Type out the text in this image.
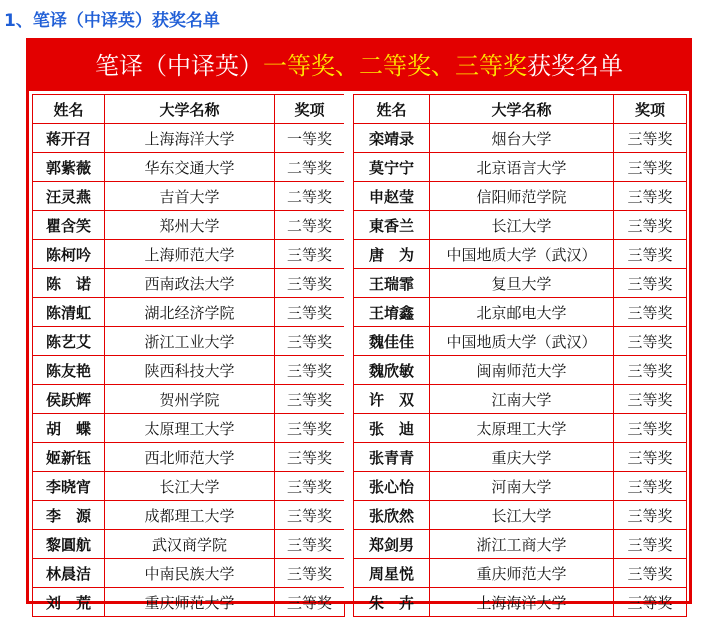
1、笔译（中译英）获奖名单
笔译（中译英）一等奖、二等奖、三等奖获奖名单
姓名	大学名称	奖项
蒋开召	上海海洋大学	一等奖
郭紫薇	华东交通大学	二等奖
汪灵燕	吉首大学	二等奖
瞿含笑	郑州大学	二等奖
陈柯吟	上海师范大学	三等奖
陈　诺	西南政法大学	三等奖
陈清虹	湖北经济学院	三等奖
陈艺艾	浙江工业大学	三等奖
陈友艳	陕西科技大学	三等奖
侯跃辉	贺州学院	三等奖
胡　蝶	太原理工大学	三等奖
姬新钰	西北师范大学	三等奖
李晓宵	长江大学	三等奖
李　源	成都理工大学	三等奖
黎圓航	武汉商学院	三等奖
林晨洁	中南民族大学	三等奖
刘　荒	重庆师范大学	三等奖
姓名	大学名称	奖项
栾靖录	烟台大学	三等奖
莫宁宁	北京语言大学	三等奖
申赵莹	信阳师范学院	三等奖
東香兰	长江大学	三等奖
唐　为	中国地质大学（武汉）	三等奖
王瑞霏	复旦大学	三等奖
王堉鑫	北京邮电大学	三等奖
魏佳佳	中国地质大学（武汉）	三等奖
魏欣敏	闽南师范大学	三等奖
许　双	江南大学	三等奖
张　迪	太原理工大学	三等奖
张青青	重庆大学	三等奖
张心怡	河南大学	三等奖
张欣然	长江大学	三等奖
郑剑男	浙江工商大学	三等奖
周星悦	重庆师范大学	三等奖
朱　卉	上海海洋大学	三等奖
